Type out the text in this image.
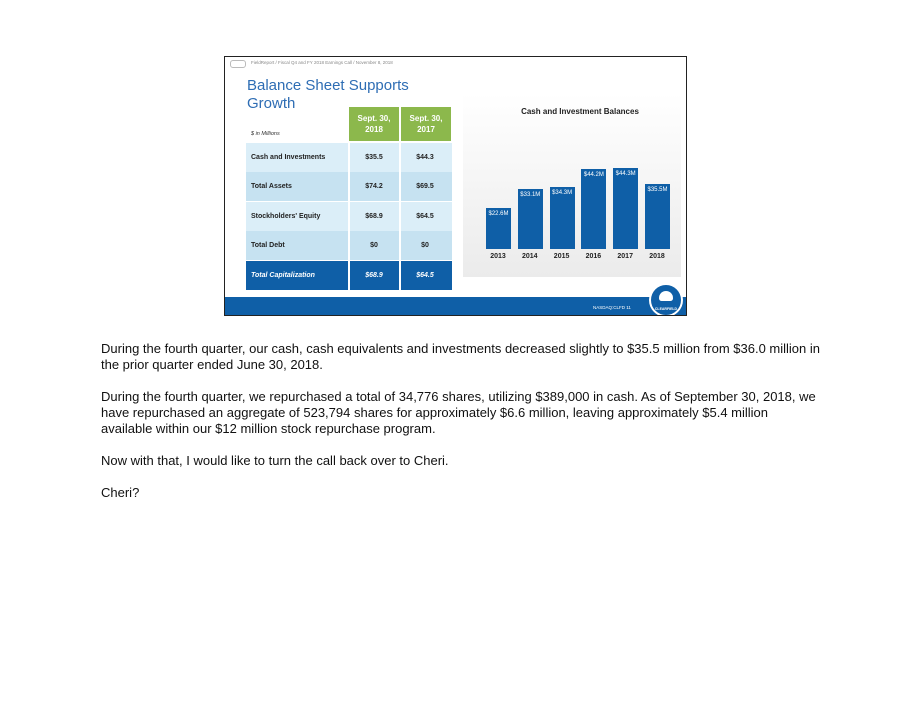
FieldReport / Fiscal Q4 and FY 2018 Earnings Call / November 8, 2018
Balance Sheet Supports
Growth
$ in Millions
Sept. 30,
2018
Sept. 30,
2017
Cash and Investments	$35.5	$44.3
Total Assets	$74.2	$69.5
Stockholders' Equity	$68.9	$64.5
Total Debt	$0	$0
Total Capitalization	$68.9	$64.5
Cash and Investment Balances
$22.6M
2013
$33.1M
2014
$34.3M
2015
$44.2M
2016
$44.3M
2017
$35.5M
2018
NASDAQ:CLFD 11	CLEARFIELD
During the fourth quarter, our cash, cash equivalents and investments decreased slightly to $35.5 million from $36.0 million in the prior quarter ended June 30, 2018.
During the fourth quarter, we repurchased a total of 34,776 shares, utilizing $389,000 in cash. As of September 30, 2018, we have repurchased an aggregate of 523,794 shares for approximately $6.6 million, leaving approximately $5.4 million available within our $12 million stock repurchase program.
Now with that, I would like to turn the call back over to Cheri.
Cheri?
